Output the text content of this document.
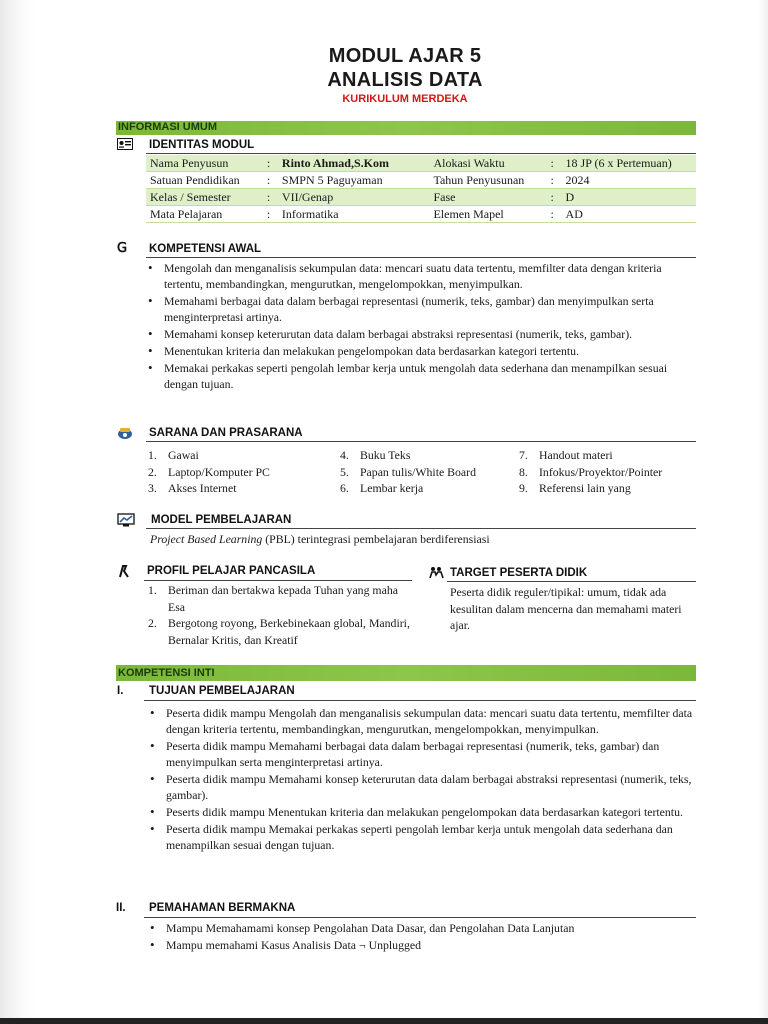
MODUL AJAR 5
ANALISIS DATA
KURIKULUM MERDEKA
INFORMASI UMUM
IDENTITAS MODUL
Nama Penyusun	:	Rinto Ahmad,S.Kom	Alokasi Waktu	:	18 JP (6 x Pertemuan)
Satuan Pendidikan	:	SMPN 5 Paguyaman	Tahun Penyusunan	:	2024
Kelas / Semester	:	VII/Genap	Fase	:	D
Mata Pelajaran	:	Informatika	Elemen Mapel	:	AD
𝖦 KOMPETENSI AWAL
• Mengolah dan menganalisis sekumpulan data: mencari suatu data tertentu, memfilter data dengan kriteria tertentu, membandingkan, mengurutkan, mengelompokkan, menyimpulkan.
• Memahami berbagai data dalam berbagai representasi (numerik, teks, gambar) dan menyimpulkan serta menginterpretasi artinya.
• Memahami konsep keterurutan data dalam berbagai abstraksi representasi (numerik, teks, gambar).
• Menentukan kriteria dan melakukan pengelompokan data berdasarkan kategori tertentu.
• Memakai perkakas seperti pengolah lembar kerja untuk mengolah data sederhana dan menampilkan sesuai dengan tujuan.
SARANA DAN PRASARANA
1. Gawai
2. Laptop/Komputer PC
3. Akses Internet
4. Buku Teks
5. Papan tulis/White Board
6. Lembar kerja
7. Handout materi
8. Infokus/Proyektor/Pointer
9. Referensi lain yang
MODEL PEMBELAJARAN
Project Based Learning (PBL) terintegrasi pembelajaran berdiferensiasi
PROFIL PELAJAR PANCASILA
1. Beriman dan bertakwa kepada Tuhan yang maha Esa
2. Bergotong royong, Berkebinekaan global, Mandiri, Bernalar Kritis, dan Kreatif
TARGET PESERTA DIDIK
Peserta didik reguler/tipikal: umum, tidak ada kesulitan dalam mencerna dan memahami materi ajar.
KOMPETENSI INTI
I. TUJUAN PEMBELAJARAN
• Peserta didik mampu Mengolah dan menganalisis sekumpulan data: mencari suatu data tertentu, memfilter data dengan kriteria tertentu, membandingkan, mengurutkan, mengelompokkan, menyimpulkan.
• Peserta didik mampu Memahami berbagai data dalam berbagai representasi (numerik, teks, gambar) dan menyimpulkan serta menginterpretasi artinya.
• Peserta didik mampu Memahami konsep keterurutan data dalam berbagai abstraksi representasi (numerik, teks, gambar).
• Peserts didik mampu Menentukan kriteria dan melakukan pengelompokan data berdasarkan kategori tertentu.
• Peserta didik mampu Memakai perkakas seperti pengolah lembar kerja untuk mengolah data sederhana dan menampilkan sesuai dengan tujuan.
II. PEMAHAMAN BERMAKNA
• Mampu Memahamami konsep Pengolahan Data Dasar, dan Pengolahan Data Lanjutan
• Mampu memahami Kasus Analisis Data ¬ Unplugged
